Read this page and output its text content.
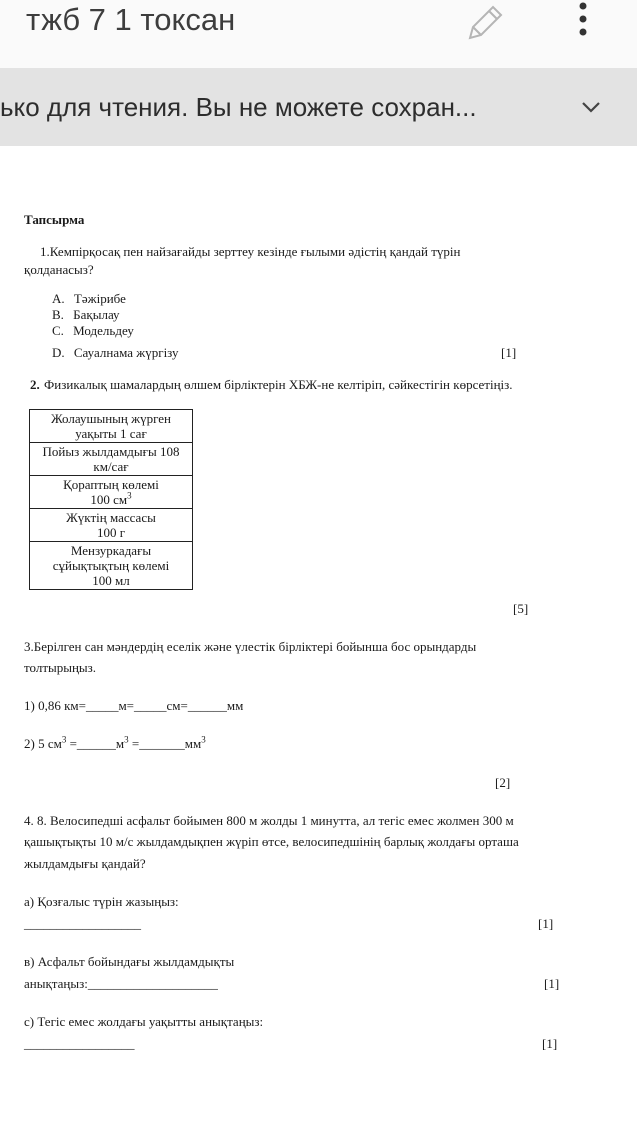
тжб 7 1 токсан
ько для чтения. Вы не можете сохран...
Тапсырма
1.Кемпірқосақ пен найзағайды зерттеу кезінде ғылыми әдістің қандай түрін
қолданасыз?
A. Тәжірибе
B. Бақылау
C. Модельдеу
D. Сауалнама жүргізу	[1]
2. Физикалық шамалардың өлшем бірліктерін ХБЖ-не келтіріп, сәйкестігін көрсетіңіз.
Жолаушының жүрген
уақыты 1 сағ
Пойыз жылдамдығы 108
км/сағ
Қораптың көлемі
100 $см^3$
Жүктің массасы
100 г
Мензуркадағы
сұйықтықтың көлемі
100 мл
[5]
3.Берілген сан мәндердің еселік және үлестік бірліктері бойынша бос орындарды
толтырыңыз.
1) 0,86 км=_____м=_____см=______мм
2) 5 $см^3$ $=\_\_\_\_\_\_м^3$ $=\_\_\_\_\_\_\_мм^3$
[2]
4. 8. Велосипедші асфальт бойымен 800 м жолды 1 минутта, ал тегіс емес жолмен 300 м
қашықтықты 10 м/с жылдамдықпен жүріп өтсе, велосипедшінің барлық жолдағы орташа
жылдамдығы қандай?
а) Қозғалыс түрін жазыңыз:
__________________	[1]
в) Асфальт бойындағы жылдамдықты
анықтаңыз:____________________	[1]
с) Тегіс емес жолдағы уақытты анықтаңыз:
_________________	[1]
